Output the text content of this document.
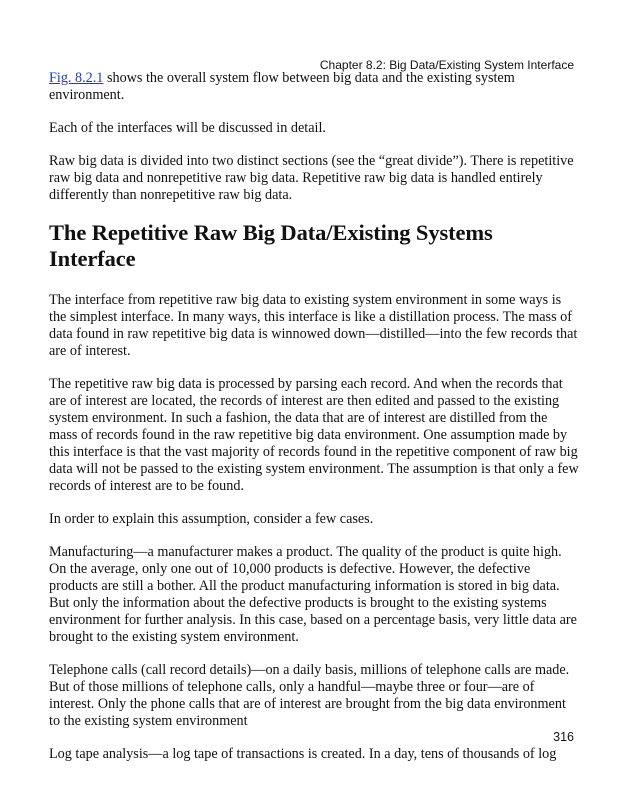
Chapter 8.2: Big Data/Existing System Interface

Fig. 8.2.1 shows the overall system flow between big data and the existing system environment.

Each of the interfaces will be discussed in detail.

Raw big data is divided into two distinct sections (see the “great divide”). There is repetitive raw big data and nonrepetitive raw big data. Repetitive raw big data is handled entirely differently than nonrepetitive raw big data.

The Repetitive Raw Big Data/Existing Systems Interface

The interface from repetitive raw big data to existing system environment in some ways is the simplest interface. In many ways, this interface is like a distillation process. The mass of data found in raw repetitive big data is winnowed down—distilled—into the few records that are of interest.

The repetitive raw big data is processed by parsing each record. And when the records that are of interest are located, the records of interest are then edited and passed to the existing system environment. In such a fashion, the data that are of interest are distilled from the mass of records found in the raw repetitive big data environment. One assumption made by this interface is that the vast majority of records found in the repetitive component of raw big data will not be passed to the existing system environment. The assumption is that only a few records of interest are to be found.

In order to explain this assumption, consider a few cases.

Manufacturing—a manufacturer makes a product. The quality of the product is quite high. On the average, only one out of 10,000 products is defective. However, the defective products are still a bother. All the product manufacturing information is stored in big data. But only the information about the defective products is brought to the existing systems environment for further analysis. In this case, based on a percentage basis, very little data are brought to the existing system environment.

Telephone calls (call record details)—on a daily basis, millions of telephone calls are made. But of those millions of telephone calls, only a handful—maybe three or four—are of interest. Only the phone calls that are of interest are brought from the big data environment to the existing system environment

Log tape analysis—a log tape of transactions is created. In a day, tens of thousands of log

316
